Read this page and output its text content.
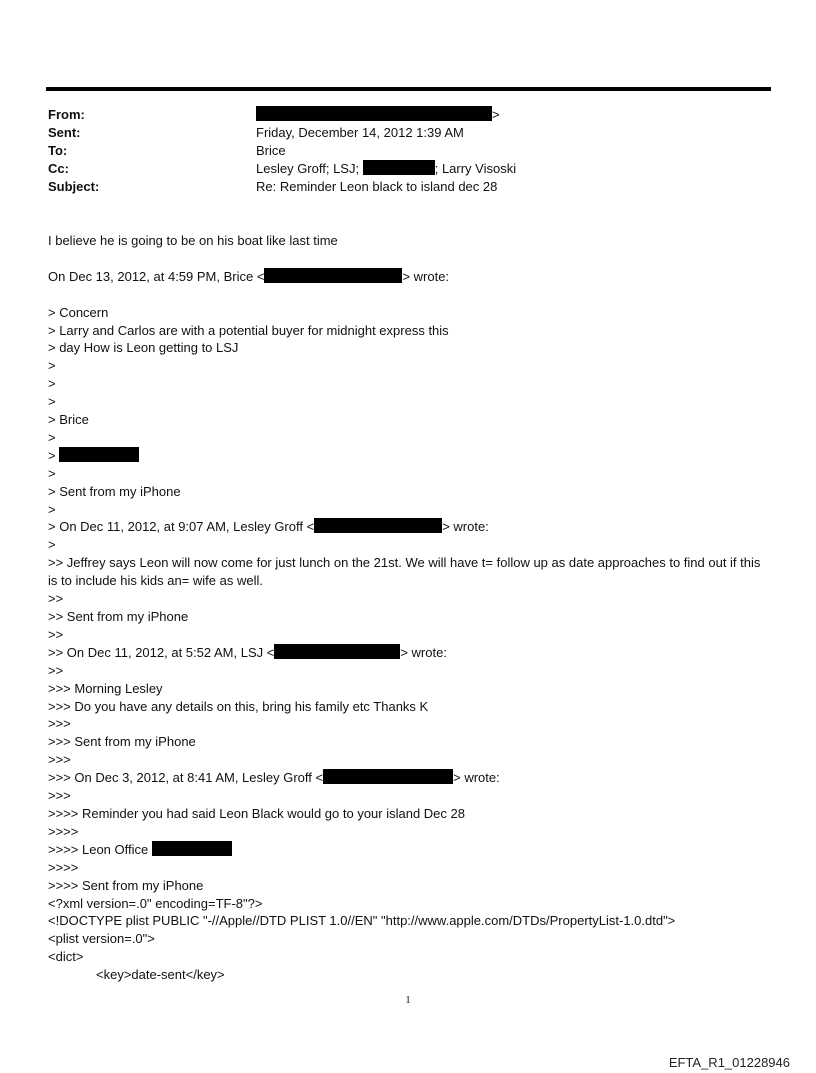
From:	>
Sent:	Friday, December 14, 2012 1:39 AM
To:	Brice
Cc:	Lesley Groff; LSJ;	; Larry Visoski
Subject:	Re: Reminder Leon black to island dec 28
I believe he is going to be on his boat like last time
On Dec 13, 2012, at 4:59 PM, Brice <	> wrote:
> Concern
> Larry and Carlos are with a potential buyer for midnight express this
> day How is Leon getting to LSJ
>
>
>
> Brice
>
>
>
> Sent from my iPhone
>
> On Dec 11, 2012, at 9:07 AM, Lesley Groff <	> wrote:
>
>> Jeffrey says Leon will now come for just lunch on the 21st. We will have t= follow up as date approaches to find out if this is to include his kids an= wife as well.
>>
>> Sent from my iPhone
>>
>> On Dec 11, 2012, at 5:52 AM, LSJ <	> wrote:
>>
>>> Morning Lesley
>>> Do you have any details on this, bring his family etc Thanks K
>>>
>>> Sent from my iPhone
>>>
>>> On Dec 3, 2012, at 8:41 AM, Lesley Groff <	> wrote:
>>>
>>>> Reminder you had said Leon Black would go to your island Dec 28
>>>>
>>>> Leon Office
>>>>
>>>> Sent from my iPhone
<?xml version=.0" encoding=TF-8"?>
<!DOCTYPE plist PUBLIC "-//Apple//DTD PLIST 1.0//EN" "http://www.apple.com/DTDs/PropertyList-1.0.dtd">
<plist version=.0">
<dict>
<key>date-sent</key>
1
EFTA_R1_01228946
